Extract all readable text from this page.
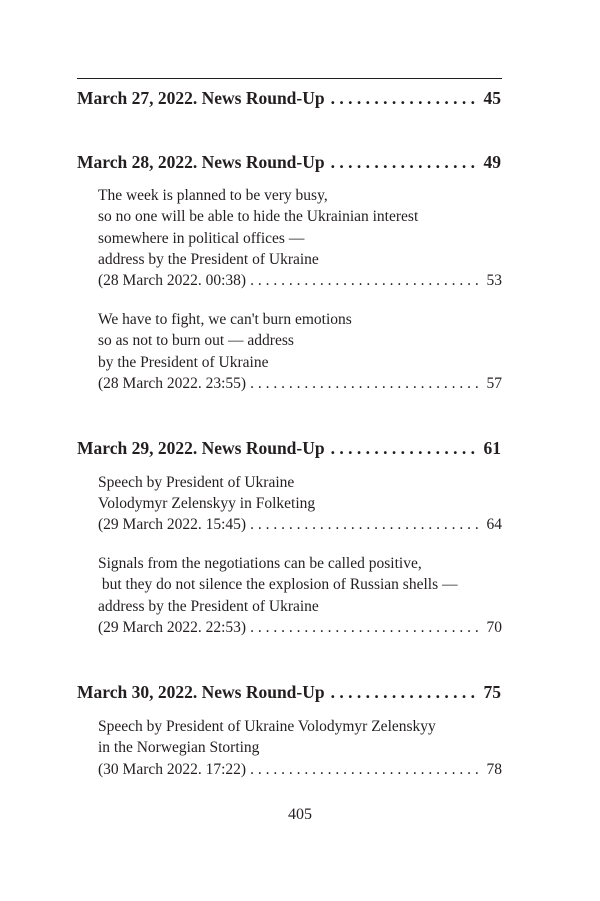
March 27, 2022. News Round-Up . . .	45
March 28, 2022. News Round-Up . . .	49
The week is planned to be very busy,
so no one will be able to hide the Ukrainian interest
somewhere in political offices —
address by the President of Ukraine
(28 March 2022. 00:38) . . .	53
We have to fight, we can't burn emotions
so as not to burn out — address
by the President of Ukraine
(28 March 2022. 23:55) . . .	57
March 29, 2022. News Round-Up . . .	61
Speech by President of Ukraine
Volodymyr Zelenskyy in Folketing
(29 March 2022. 15:45) . . .	64
Signals from the negotiations can be called positive,
but they do not silence the explosion of Russian shells —
address by the President of Ukraine
(29 March 2022. 22:53) . . .	70
March 30, 2022. News Round-Up . . .	75
Speech by President of Ukraine Volodymyr Zelenskyy
in the Norwegian Storting
(30 March 2022. 17:22) . . .	78
405
